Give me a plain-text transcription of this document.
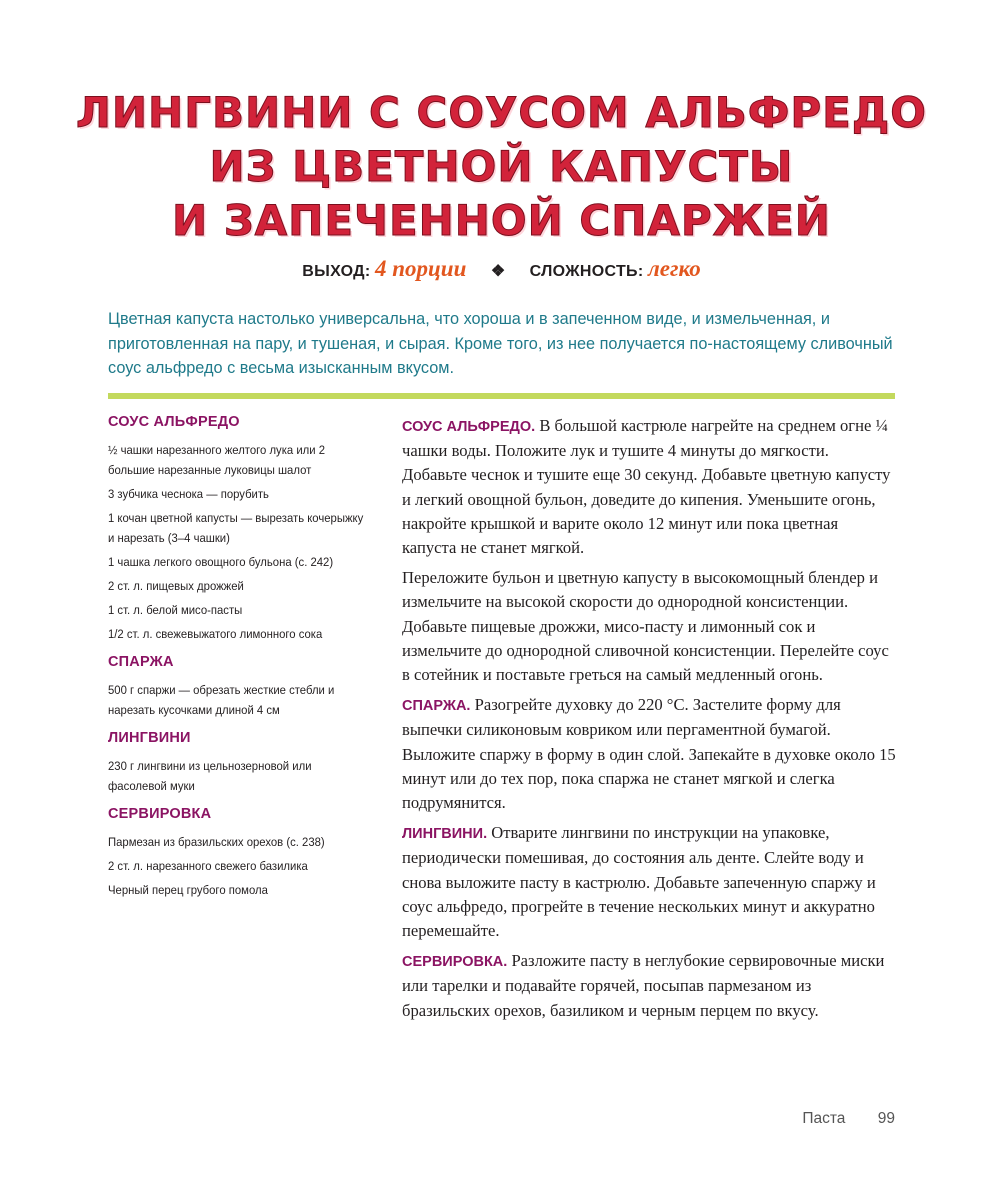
ЛИНГВИНИ С СОУСОМ АЛЬФРЕДО
ИЗ ЦВЕТНОЙ КАПУСТЫ
И ЗАПЕЧЕННОЙ СПАРЖЕЙ
ВЫХОД: 4 порции ❖ СЛОЖНОСТЬ: легко

Цветная капуста настолько универсальна, что хороша и в запеченном виде, и измельченная, и приготовленная на пару, и тушеная, и сырая. Кроме того, из нее получается по-настоящему сливочный соус альфредо с весьма изысканным вкусом.

СОУС АЛЬФРЕДО
½ чашки нарезанного желтого лука или 2 большие нарезанные луковицы шалот
3 зубчика чеснока — порубить
1 кочан цветной капусты — вырезать кочерыжку и нарезать (3–4 чашки)
1 чашка легкого овощного бульона (с. 242)
2 ст. л. пищевых дрожжей
1 ст. л. белой мисо-пасты
1/2 ст. л. свежевыжатого лимонного сока
СПАРЖА
500 г спаржи — обрезать жесткие стебли и нарезать кусочками длиной 4 см
ЛИНГВИНИ
230 г лингвини из цельнозерновой или фасолевой муки
СЕРВИРОВКА
Пармезан из бразильских орехов (с. 238)
2 ст. л. нарезанного свежего базилика
Черный перец грубого помола

СОУС АЛЬФРЕДО. В большой кастрюле нагрейте на среднем огне ¼ чашки воды. Положите лук и тушите 4 минуты до мягкости. Добавьте чеснок и тушите еще 30 секунд. Добавьте цветную капусту и легкий овощной бульон, доведите до кипения. Уменьшите огонь, накройте крышкой и варите около 12 минут или пока цветная капуста не станет мягкой.

Переложите бульон и цветную капусту в высокомощный блендер и измельчите на высокой скорости до однородной консистенции. Добавьте пищевые дрожжи, мисо-пасту и лимонный сок и измельчите до однородной сливочной консистенции. Перелейте соус в сотейник и поставьте греться на самый медленный огонь.

СПАРЖА. Разогрейте духовку до 220 °С. Застелите форму для выпечки силиконовым ковриком или пергаментной бумагой. Выложите спаржу в форму в один слой. Запекайте в духовке около 15 минут или до тех пор, пока спаржа не станет мягкой и слегка подрумянится.

ЛИНГВИНИ. Отварите лингвини по инструкции на упаковке, периодически помешивая, до состояния аль денте. Слейте воду и снова выложите пасту в кастрюлю. Добавьте запеченную спаржу и соус альфредо, прогрейте в течение нескольких минут и аккуратно перемешайте.

СЕРВИРОВКА. Разложите пасту в неглубокие сервировочные миски или тарелки и подавайте горячей, посыпав пармезаном из бразильских орехов, базиликом и черным перцем по вкусу.

Паста 99
